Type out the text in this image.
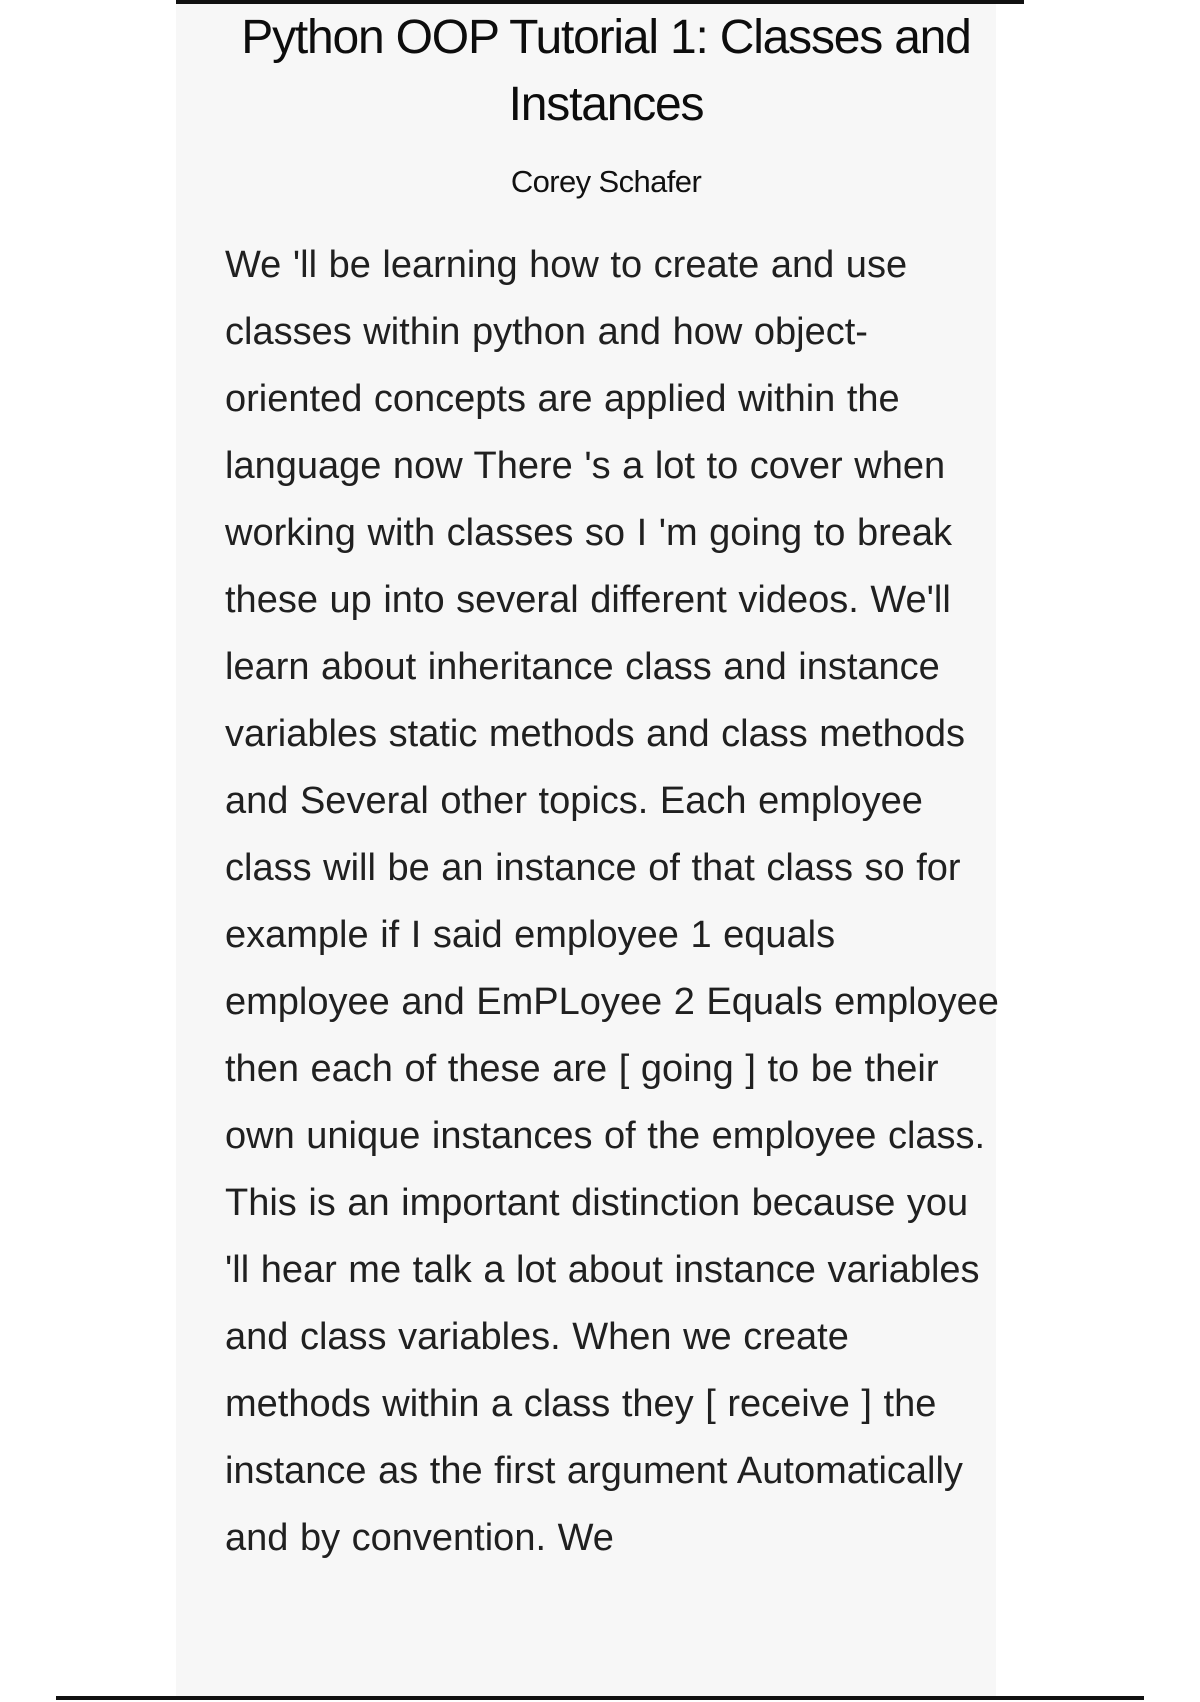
Python OOP Tutorial 1: Classes and Instances

Corey Schafer

We 'll be learning how to create and use classes within python and how object-oriented concepts are applied within the language now There 's a lot to cover when working with classes so I 'm going to break these up into several different videos. We'll learn about inheritance class and instance variables static methods and class methods and Several other topics. Each employee class will be an instance of that class so for example if I said employee 1 equals employee and EmPLoyee 2 Equals employee then each of these are [ going ] to be their own unique instances of the employee class. This is an important distinction because you 'll hear me talk a lot about instance variables and class variables. When we create methods within a class they [ receive ] the instance as the first argument Automatically and by convention. We
